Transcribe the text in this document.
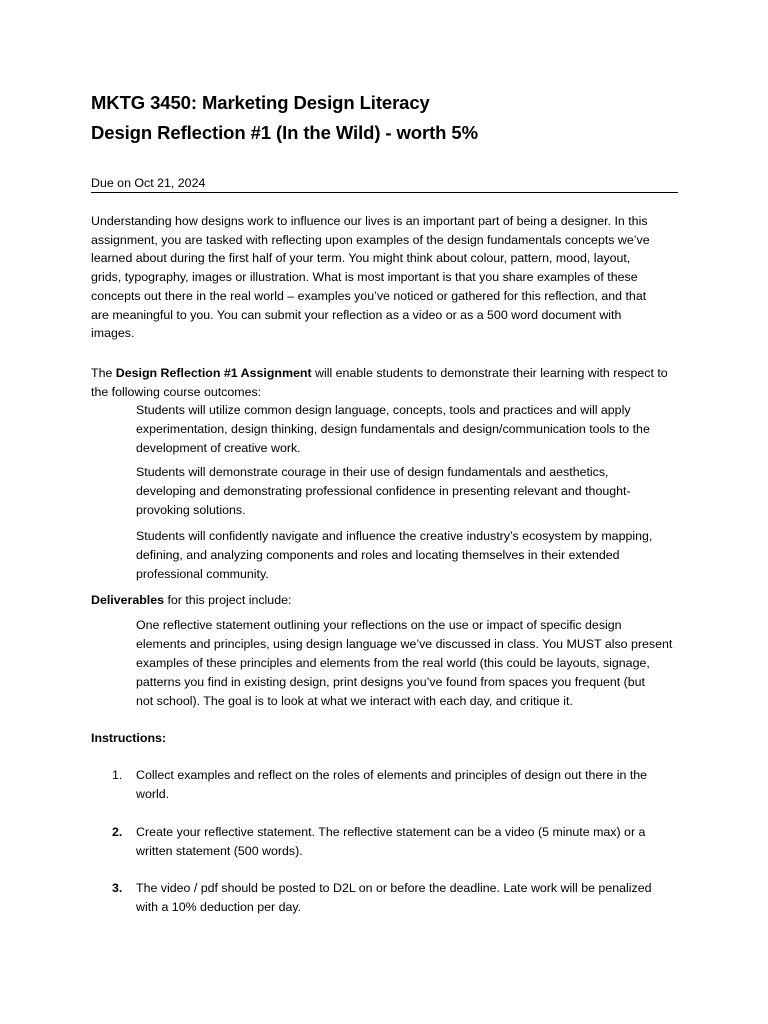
MKTG 3450: Marketing Design Literacy
Design Reflection #1 (In the Wild) - worth 5%
Due on Oct 21, 2024
Understanding how designs work to influence our lives is an important part of being a designer. In this
assignment, you are tasked with reflecting upon examples of the design fundamentals concepts we’ve
learned about during the first half of your term. You might think about colour, pattern, mood, layout,
grids, typography, images or illustration. What is most important is that you share examples of these
concepts out there in the real world – examples you’ve noticed or gathered for this reflection, and that
are meaningful to you. You can submit your reflection as a video or as a 500 word document with
images.
The Design Reflection #1 Assignment will enable students to demonstrate their learning with respect to
the following course outcomes:
Students will utilize common design language, concepts, tools and practices and will apply
experimentation, design thinking, design fundamentals and design/communication tools to the
development of creative work.
Students will demonstrate courage in their use of design fundamentals and aesthetics,
developing and demonstrating professional confidence in presenting relevant and thought-
provoking solutions.
Students will confidently navigate and influence the creative industry’s ecosystem by mapping,
defining, and analyzing components and roles and locating themselves in their extended
professional community.
Deliverables for this project include:
One reflective statement outlining your reflections on the use or impact of specific design
elements and principles, using design language we’ve discussed in class. You MUST also present
examples of these principles and elements from the real world (this could be layouts, signage,
patterns you find in existing design, print designs you’ve found from spaces you frequent (but
not school). The goal is to look at what we interact with each day, and critique it.
Instructions:
1. Collect examples and reflect on the roles of elements and principles of design out there in the
world.
2. Create your reflective statement. The reflective statement can be a video (5 minute max) or a
written statement (500 words).
3. The video / pdf should be posted to D2L on or before the deadline. Late work will be penalized
with a 10% deduction per day.
